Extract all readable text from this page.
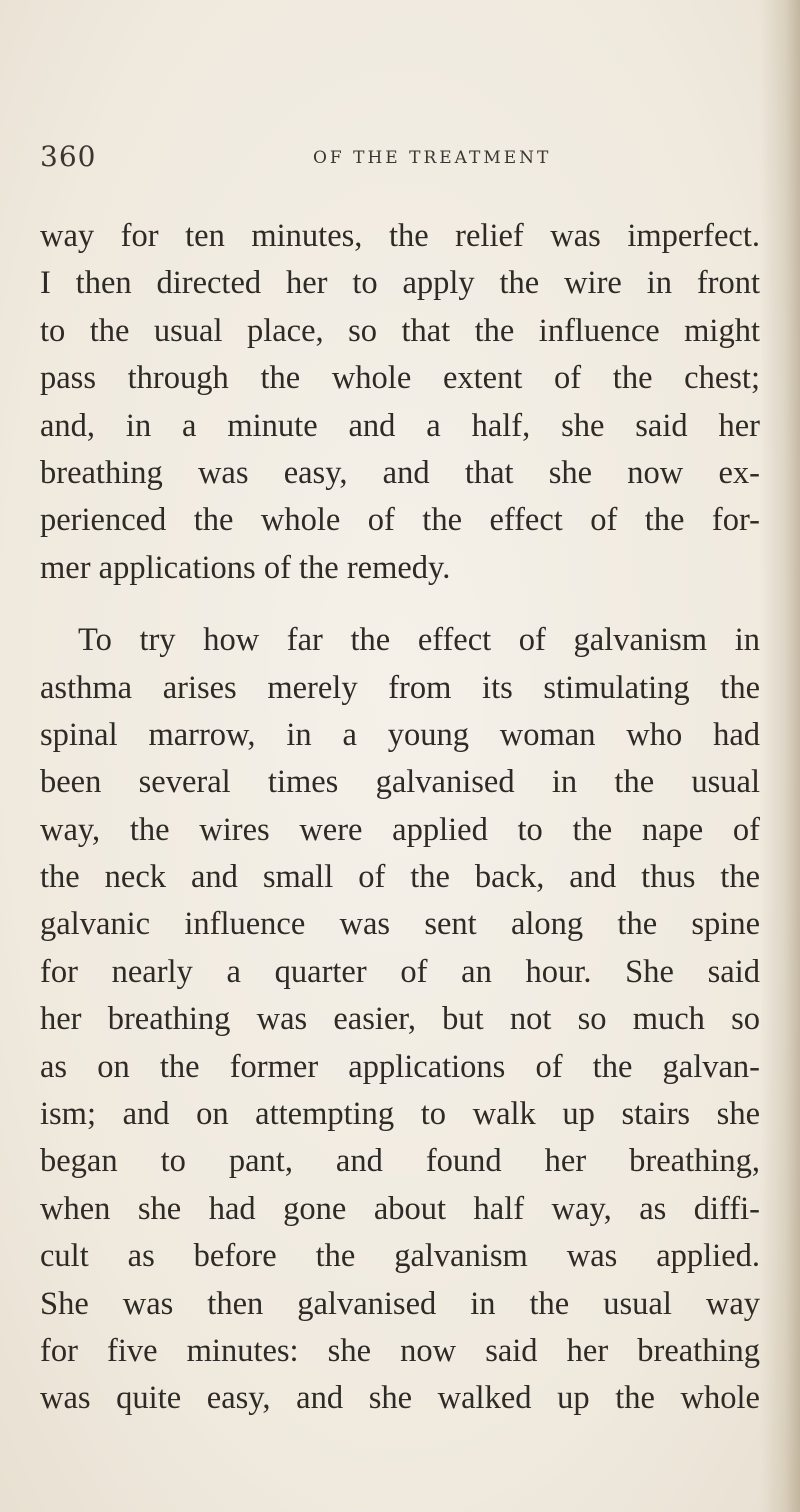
360	OF THE TREATMENT
way for ten minutes, the relief was imperfect.
I then directed her to apply the wire in front
to the usual place, so that the influence might
pass through the whole extent of the chest;
and, in a minute and a half, she said her
breathing was easy, and that she now ex-
perienced the whole of the effect of the for-
mer applications of the remedy.
To try how far the effect of galvanism in
asthma arises merely from its stimulating the
spinal marrow, in a young woman who had
been several times galvanised in the usual
way, the wires were applied to the nape of
the neck and small of the back, and thus the
galvanic influence was sent along the spine
for nearly a quarter of an hour. She said
her breathing was easier, but not so much so
as on the former applications of the galvan-
ism; and on attempting to walk up stairs she
began to pant, and found her breathing,
when she had gone about half way, as diffi-
cult as before the galvanism was applied.
She was then galvanised in the usual way
for five minutes: she now said her breathing
was quite easy, and she walked up the whole
